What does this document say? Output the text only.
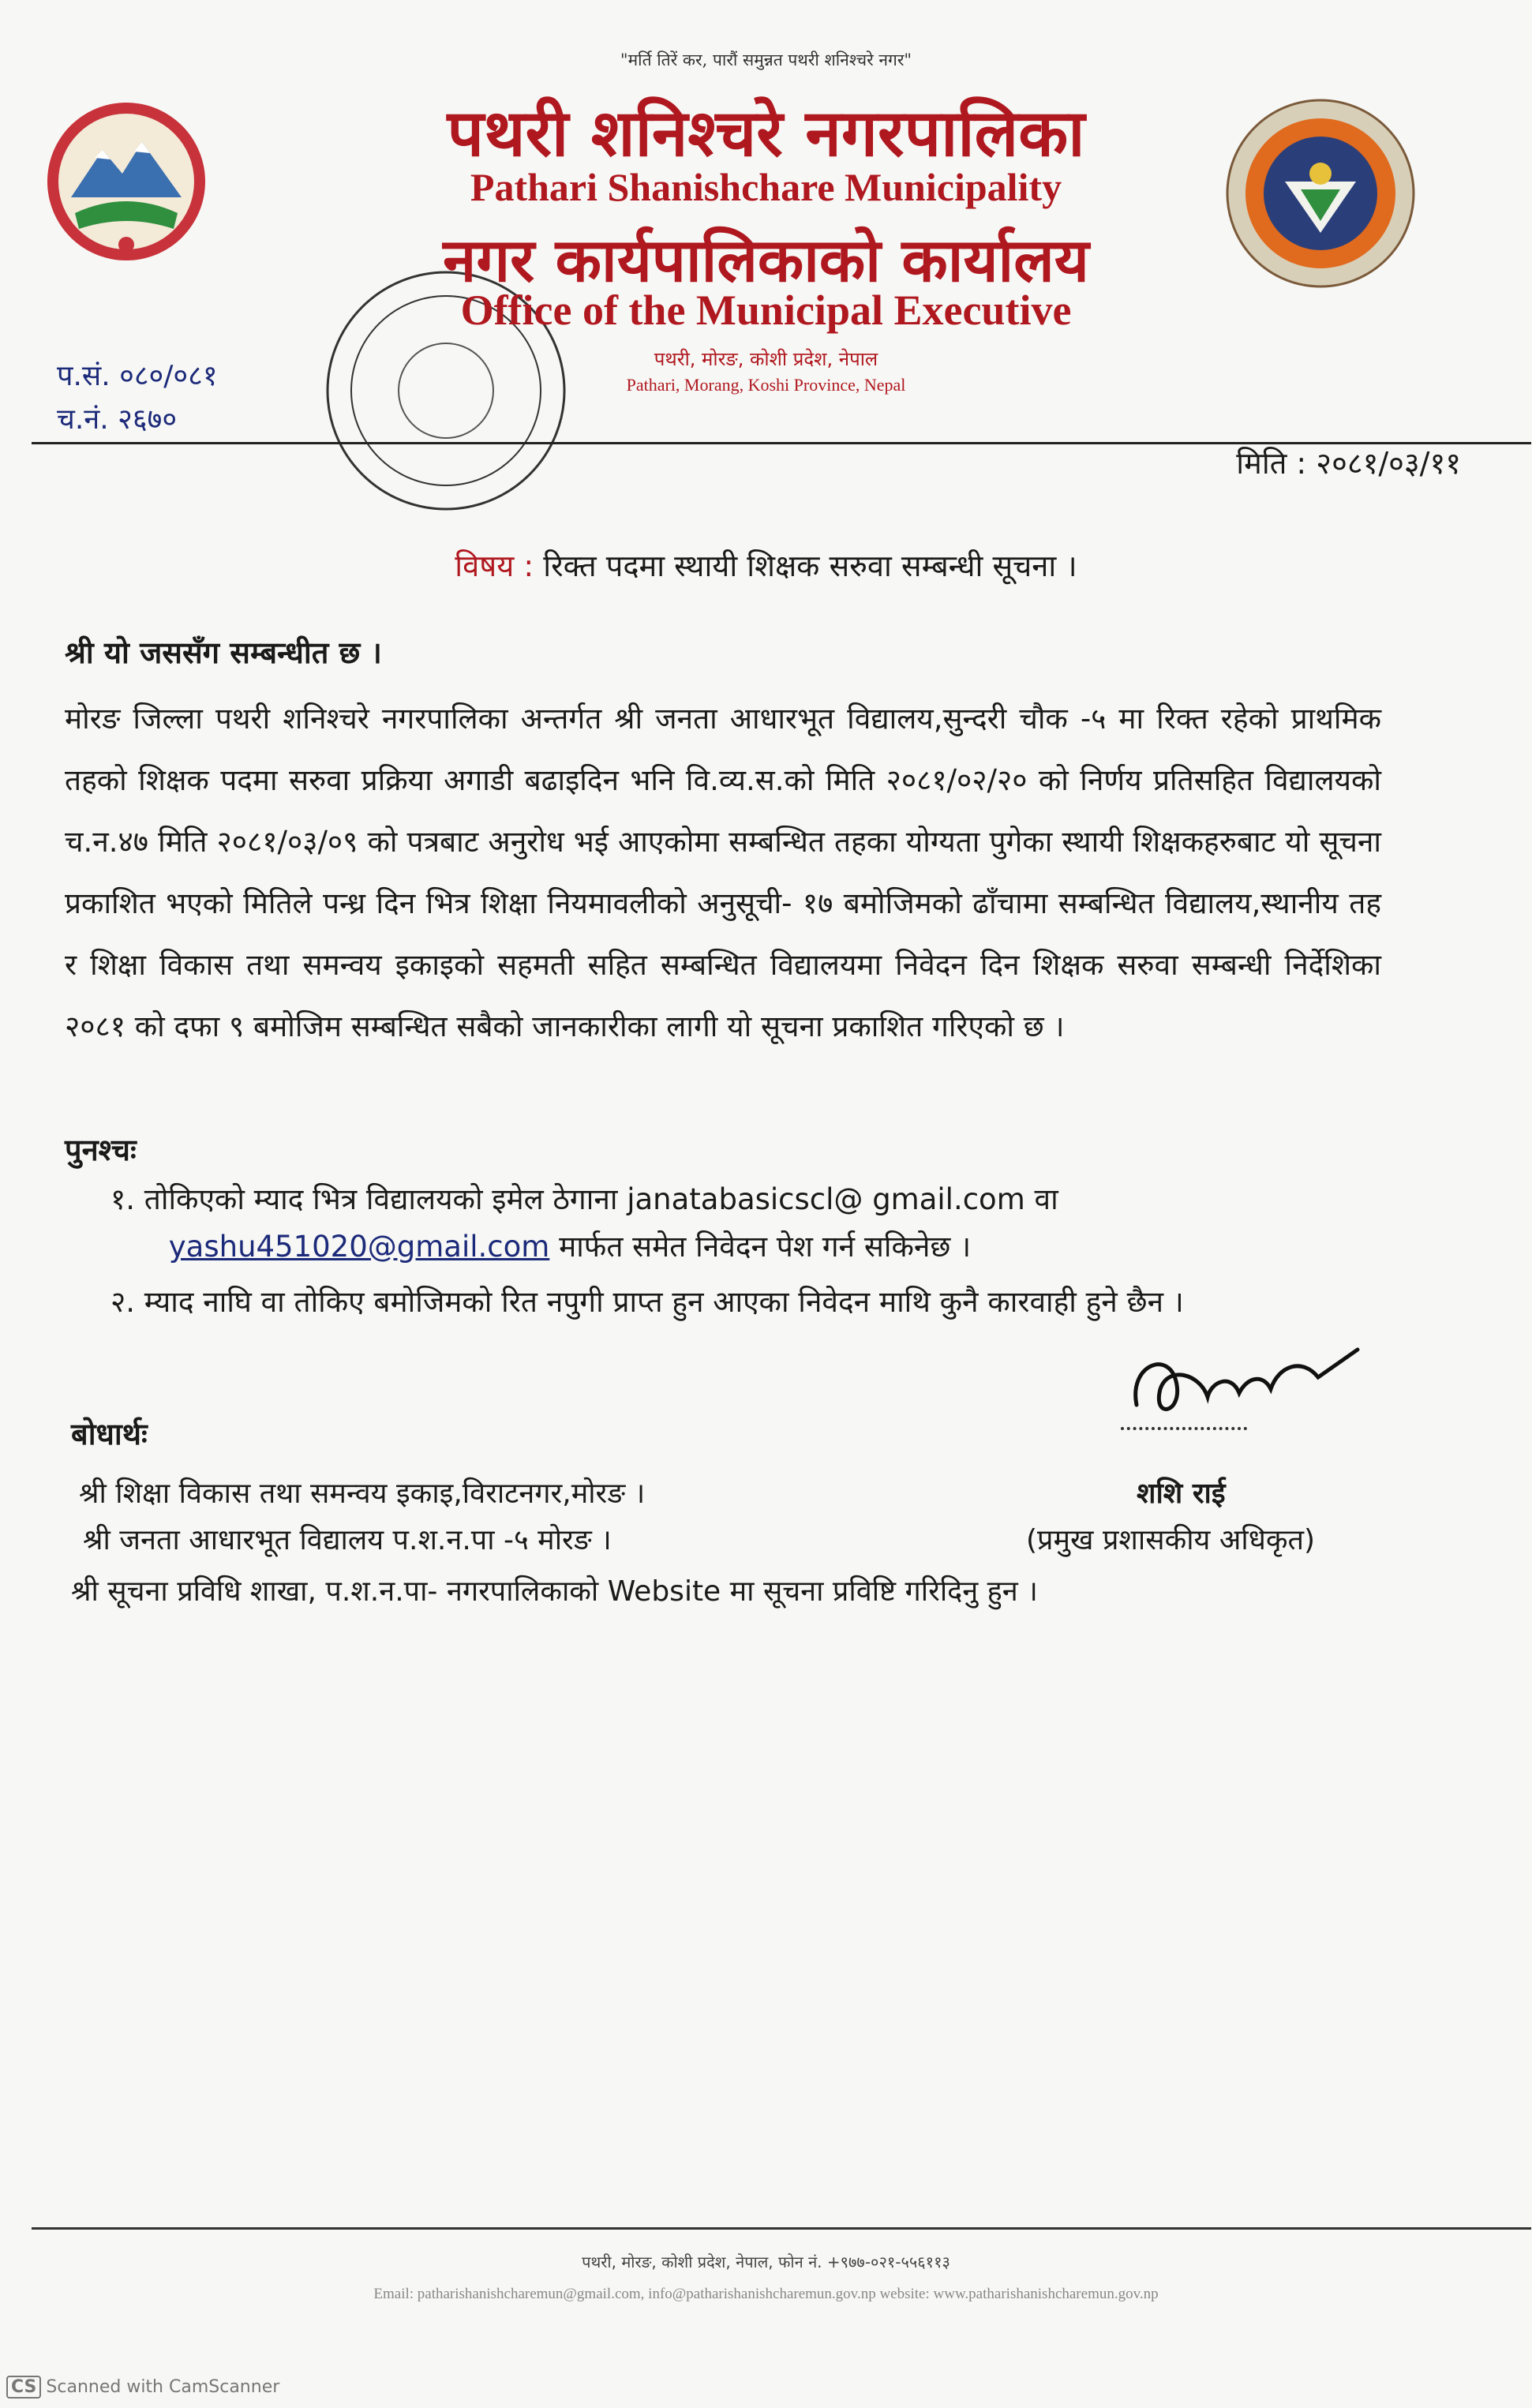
"मर्ति तिरें कर, पारौं समुन्नत पथरी शनिश्चरे नगर"
पथरी शनिश्चरे नगरपालिका
Pathari Shanishchare Municipality
नगर कार्यपालिकाको कार्यालय
Office of the Municipal Executive
पथरी, मोरङ, कोशी प्रदेश, नेपाल
Pathari, Morang, Koshi Province, Nepal
प.सं. ०८०/०८१
च.नं. २६७०
मिति : २०८१/०३/११
विषय : रिक्त पदमा स्थायी शिक्षक सरुवा सम्बन्धी सूचना ।
श्री यो जससँग सम्बन्धीत छ ।
मोरङ जिल्ला पथरी शनिश्चरे नगरपालिका अन्तर्गत श्री जनता आधारभूत विद्यालय,सुन्दरी चौक -५ मा रिक्त रहेको प्राथमिक तहको शिक्षक पदमा सरुवा प्रक्रिया अगाडी बढाइदिन भनि वि.व्य.स.को मिति २०८१/०२/२० को निर्णय प्रतिसहित विद्यालयको च.न.४७ मिति २०८१/०३/०९ को पत्रबाट अनुरोध भई आएकोमा सम्बन्धित तहका योग्यता पुगेका स्थायी शिक्षकहरुबाट यो सूचना प्रकाशित भएको मितिले पन्ध्र दिन भित्र शिक्षा नियमावलीको अनुसूची- १७ बमोजिमको ढाँचामा सम्बन्धित विद्यालय,स्थानीय तह र शिक्षा विकास तथा समन्वय इकाइको सहमती सहित सम्बन्धित विद्यालयमा निवेदन दिन शिक्षक सरुवा सम्बन्धी निर्देशिका २०८१ को दफा ९ बमोजिम सम्बन्धित सबैको जानकारीका लागी यो सूचना प्रकाशित गरिएको छ ।
पुनश्चः
१. तोकिएको म्याद भित्र विद्यालयको इमेल ठेगाना janatabasicscl@ gmail.com वा
yashu451020@gmail.com मार्फत समेत निवेदन पेश गर्न सकिनेछ ।
२. म्याद नाघि वा तोकिए बमोजिमको रित नपुगी प्राप्त हुन आएका निवेदन माथि कुनै कारवाही हुने छैन ।
बोधार्थः
श्री शिक्षा विकास तथा समन्वय इकाइ,विराटनगर,मोरङ ।
श्री जनता आधारभूत विद्यालय प.श.न.पा -५ मोरङ ।
श्री सूचना प्रविधि शाखा, प.श.न.पा- नगरपालिकाको Website मा सूचना प्रविष्टि गरिदिनु हुन ।
शशि राई
(प्रमुख प्रशासकीय अधिकृत)
पथरी, मोरङ, कोशी प्रदेश, नेपाल, फोन नं. +९७७-०२१-५५६११३
Email: patharishanishcharemun@gmail.com, info@patharishanishcharemun.gov.np website: www.patharishanishcharemun.gov.np
CS Scanned with CamScanner
